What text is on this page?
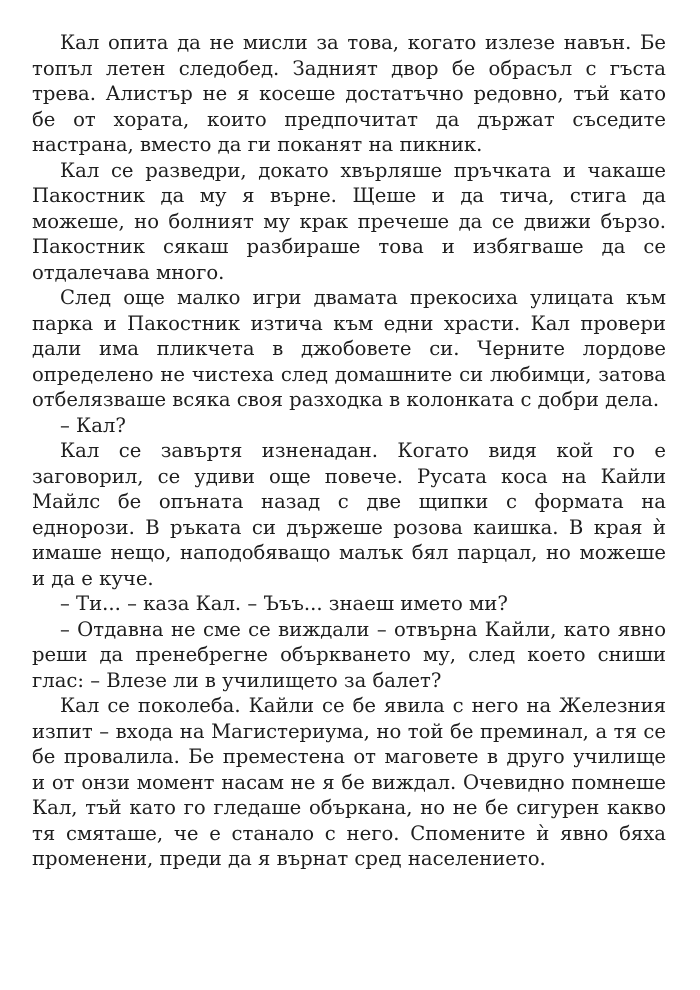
Кал опита да не мисли за това, когато излезе навън. Бе топъл летен следобед. Задният двор бе обрасъл с гъста трева. Алистър не я косеше достатъчно редовно, тъй като бе от хората, които предпочитат да държат съседите настрана, вместо да ги поканят на пикник.

Кал се разведри, докато хвърляше пръчката и чакаше Пакостник да му я върне. Щеше и да тича, стига да можеше, но болният му крак пречеше да се движи бързо. Пакостник сякаш разбираше това и избягваше да се отдалечава много.

След още малко игри двамата прекосиха улицата към парка и Пакостник изтича към едни храсти. Кал провери дали има пликчета в джобовете си. Черните лордове определено не чистеха след домашните си любимци, затова отбелязваше всяка своя разходка в колонката с добри дела.

– Кал?

Кал се завъртя изненадан. Когато видя кой го е заговорил, се удиви още повече. Русата коса на Кайли Майлс бе опъната назад с две щипки с формата на еднорози. В ръката си държеше розова каишка. В края ѝ имаше нещо, наподобяващо малък бял парцал, но можеше и да е куче.

– Ти... – каза Кал. – Ъъъ... знаеш името ми?

– Отдавна не сме се виждали – отвърна Кайли, като явно реши да пренебрегне объркването му, след което сниши глас: – Влезе ли в училището за балет?

Кал се поколеба. Кайли се бе явила с него на Железния изпит – входа на Магистериума, но той бе преминал, а тя се бе провалила. Бе преместена от маговете в друго училище и от онзи момент насам не я бе виждал. Очевидно помнеше Кал, тъй като го гледаше объркана, но не бе сигурен какво тя смяташе, че е станало с него. Спомените ѝ явно бяха променени, преди да я върнат сред населението.
